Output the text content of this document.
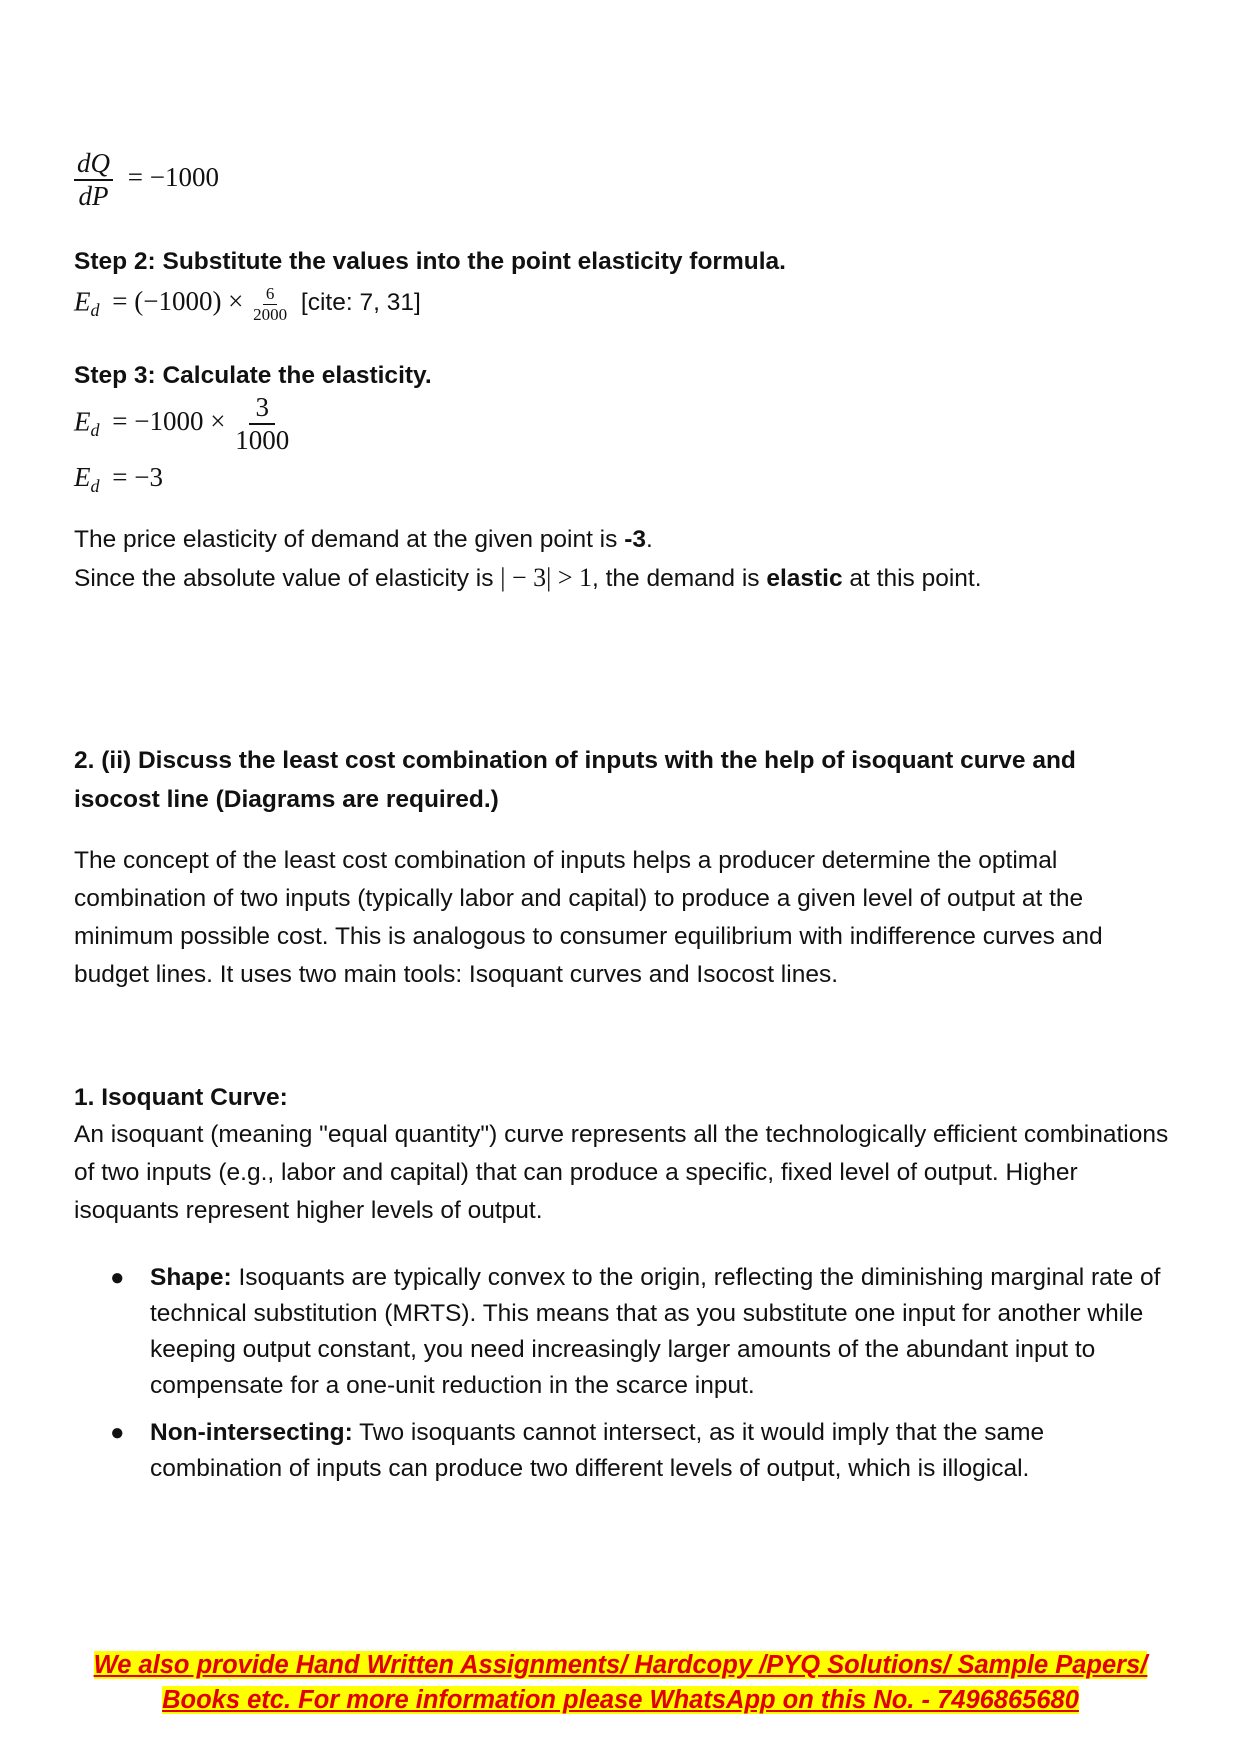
$\frac{dQ}{dP} = -1000$
Step 2: Substitute the values into the point elasticity formula.
$E_d = (-1000) \times \frac{6}{2000}$ [cite: 7, 31]
Step 3: Calculate the elasticity.
$E_d = -1000 \times \frac{3}{1000}$
$E_d = -3$
The price elasticity of demand at the given point is -3.
Since the absolute value of elasticity is | − 3| > 1, the demand is elastic at this point.
2. (ii) Discuss the least cost combination of inputs with the help of isoquant curve and isocost line (Diagrams are required.)
The concept of the least cost combination of inputs helps a producer determine the optimal combination of two inputs (typically labor and capital) to produce a given level of output at the minimum possible cost. This is analogous to consumer equilibrium with indifference curves and budget lines. It uses two main tools: Isoquant curves and Isocost lines.
1. Isoquant Curve:
An isoquant (meaning "equal quantity") curve represents all the technologically efficient combinations of two inputs (e.g., labor and capital) that can produce a specific, fixed level of output. Higher isoquants represent higher levels of output.
● Shape: Isoquants are typically convex to the origin, reflecting the diminishing marginal rate of technical substitution (MRTS). This means that as you substitute one input for another while keeping output constant, you need increasingly larger amounts of the abundant input to compensate for a one-unit reduction in the scarce input.
● Non-intersecting: Two isoquants cannot intersect, as it would imply that the same combination of inputs can produce two different levels of output, which is illogical.
We also provide Hand Written Assignments/ Hardcopy /PYQ Solutions/ Sample Papers/
Books etc. For more information please WhatsApp on this No. - 7496865680
